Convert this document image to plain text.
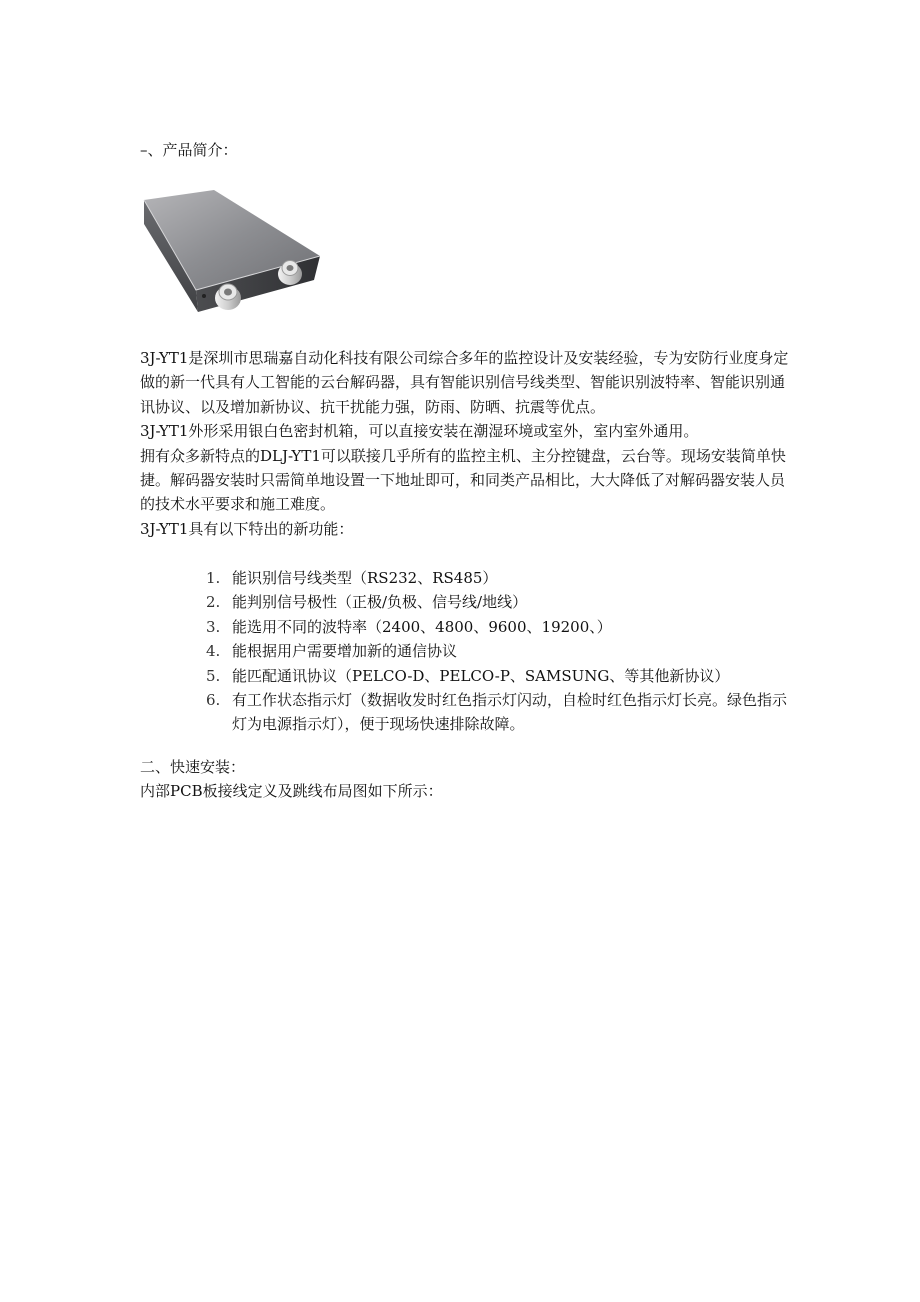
–、产品简介：

3J-YT1是深圳市思瑞嘉自动化科技有限公司综合多年的监控设计及安装经验，专为安防行业度身定做的新一代具有人工智能的云台解码器，具有智能识别信号线类型、智能识别波特率、智能识别通讯协议、以及增加新协议、抗干扰能力强，防雨、防晒、抗震等优点。

3J-YT1外形采用银白色密封机箱，可以直接安装在潮湿环境或室外，室内室外通用。

拥有众多新特点的DLJ-YT1可以联接几乎所有的监控主机、主分控键盘，云台等。现场安装简单快捷。解码器安装时只需简单地设置一下地址即可，和同类产品相比，大大降低了对解码器安装人员的技术水平要求和施工难度。

3J-YT1具有以下特出的新功能：

1. 能识别信号线类型（RS232、RS485）
2. 能判别信号极性（正极/负极、信号线/地线）
3. 能选用不同的波特率（2400、4800、9600、19200、）
4. 能根据用户需要增加新的通信协议
5. 能匹配通讯协议（PELCO-D、PELCO-P、SAMSUNG、等其他新协议）
6. 有工作状态指示灯（数据收发时红色指示灯闪动，自检时红色指示灯长亮。绿色指示灯为电源指示灯），便于现场快速排除故障。
二、快速安装：
内部PCB板接线定义及跳线布局图如下所示：
